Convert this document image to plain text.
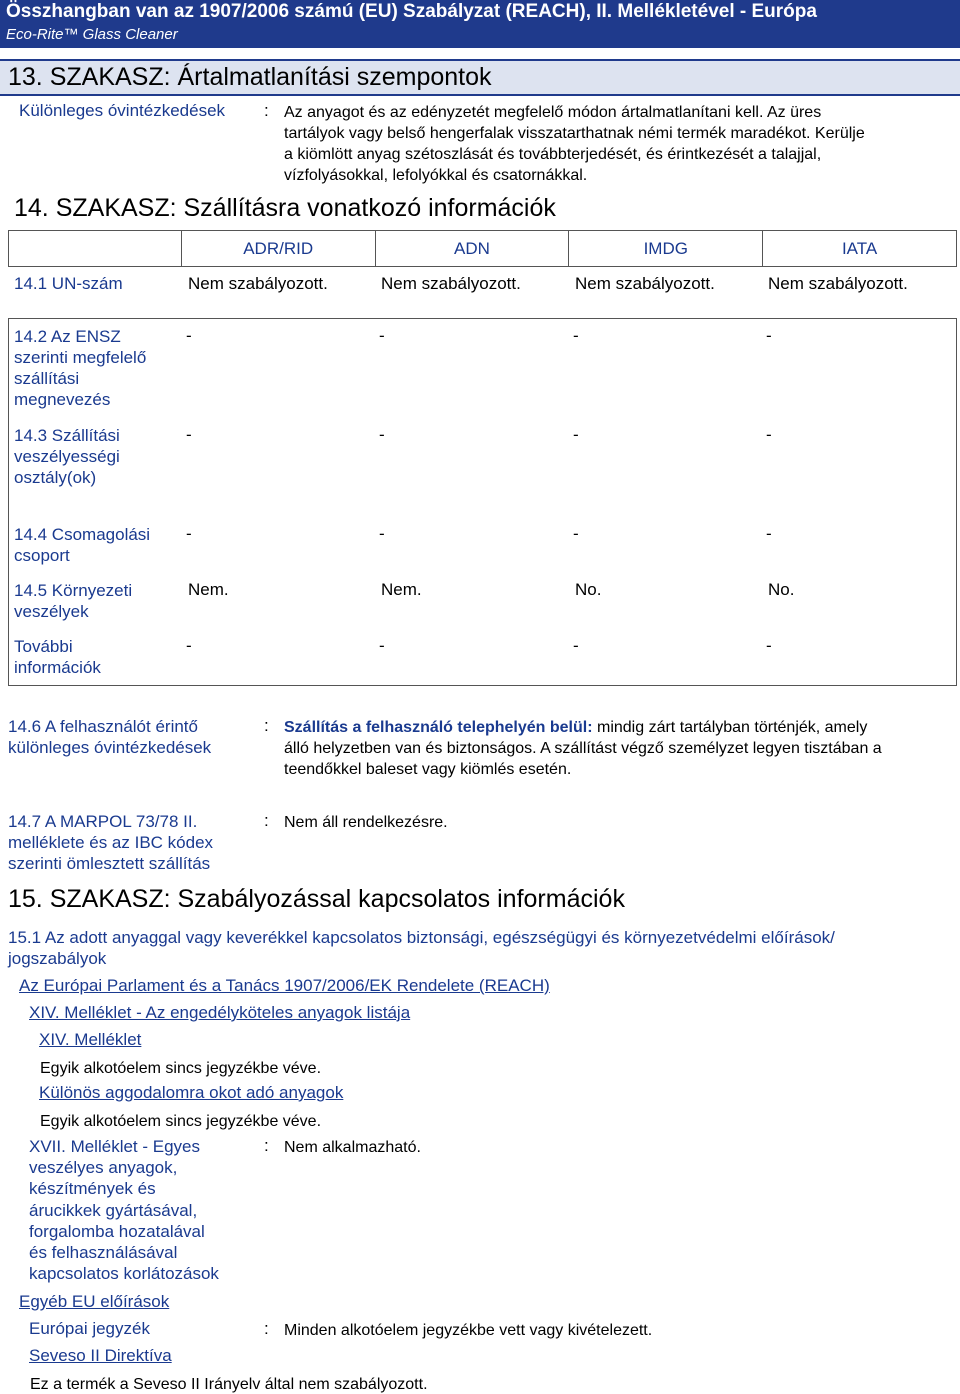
Összhangban van az 1907/2006 számú (EU) Szabályzat (REACH), II. Mellékletével - Európa
Eco-Rite™ Glass Cleaner
13. SZAKASZ: Ártalmatlanítási szempontok
Különleges óvintézkedések : Az anyagot és az edényzetét megfelelő módon ártalmatlanítani kell. Az üres
tartályok vagy belső hengerfalak visszatarthatnak némi termék maradékot. Kerülje
a kiömlött anyag szétoszlását és továbbterjedését, és érintkezését a talajjal,
vízfolyásokkal, lefolyókkal és csatornákkal.
14. SZAKASZ: Szállításra vonatkozó információk
	ADR/RID	ADN	IMDG	IATA
14.1 UN-szám	Nem szabályozott.	Nem szabályozott.	Nem szabályozott.	Nem szabályozott.
14.2 Az ENSZ
szerinti megfelelő
szállítási
megnevezés
-	-	-	-
14.3 Szállítási
veszélyességi
osztály(ok)
-	-	-	-
14.4 Csomagolási
csoport
-	-	-	-
14.5 Környezeti
veszélyek
Nem.	Nem.	No.	No.
További
információk
-	-	-	-
14.6 A felhasználót érintő
különleges óvintézkedések
: Szállítás a felhasználó telephelyén belül: mindig zárt tartályban történjék, amely
álló helyzetben van és biztonságos. A szállítást végző személyzet legyen tisztában a
teendőkkel baleset vagy kiömlés esetén.
14.7 A MARPOL 73/78 II.
melléklete és az IBC kódex
szerinti ömlesztett szállítás
: Nem áll rendelkezésre.
15. SZAKASZ: Szabályozással kapcsolatos információk
15.1 Az adott anyaggal vagy keverékkel kapcsolatos biztonsági, egészségügyi és környezetvédelmi előírások/
jogszabályok
Az Európai Parlament és a Tanács 1907/2006/EK Rendelete (REACH)
XIV. Melléklet - Az engedélyköteles anyagok listája
XIV. Melléklet
Egyik alkotóelem sincs jegyzékbe véve.
Különös aggodalomra okot adó anyagok
Egyik alkotóelem sincs jegyzékbe véve.
XVII. Melléklet - Egyes
veszélyes anyagok,
készítmények és
árucikkek gyártásával,
forgalomba hozatalával
és felhasználásával
kapcsolatos korlátozások
: Nem alkalmazható.
Egyéb EU előírások
Európai jegyzék	: Minden alkotóelem jegyzékbe vett vagy kivételezett.
Seveso II Direktíva
Ez a termék a Seveso II Irányelv által nem szabályozott.
